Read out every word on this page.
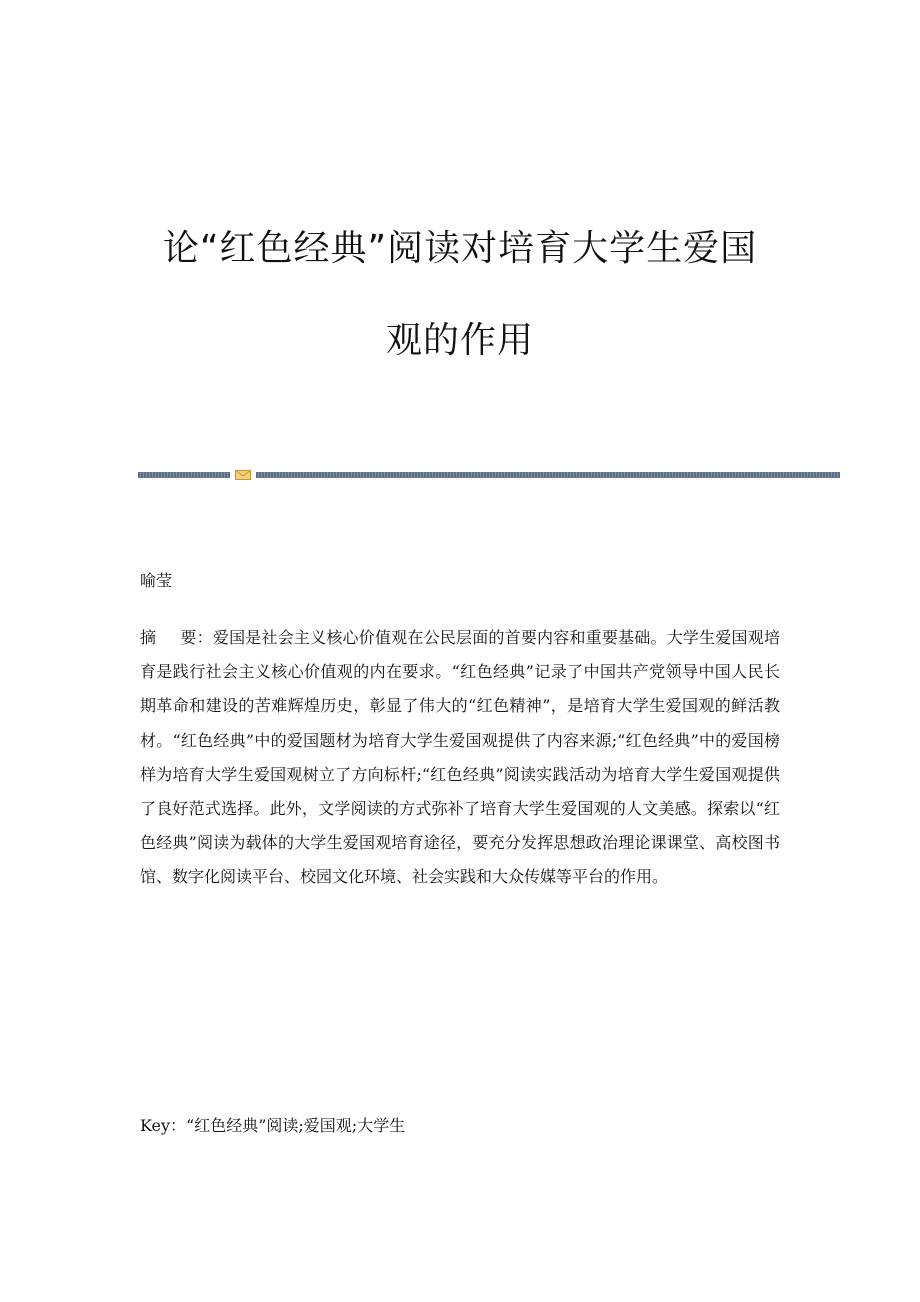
论“红色经典”阅读对培育大学生爱国
观的作用

喻莹

摘 要：爱国是社会主义核心价值观在公民层面的首要内容和重要基础。大学生爱国观培育是践行社会主义核心价值观的内在要求。“红色经典”记录了中国共产党领导中国人民长期革命和建设的苦难辉煌历史，彰显了伟大的“红色精神”，是培育大学生爱国观的鲜活教材。“红色经典”中的爱国题材为培育大学生爱国观提供了内容来源;“红色经典”中的爱国榜样为培育大学生爱国观树立了方向标杆;“红色经典”阅读实践活动为培育大学生爱国观提供了良好范式选择。此外，文学阅读的方式弥补了培育大学生爱国观的人文美感。探索以“红色经典”阅读为载体的大学生爱国观培育途径，要充分发挥思想政治理论课课堂、高校图书馆、数字化阅读平台、校园文化环境、社会实践和大众传媒等平台的作用。

Key：“红色经典”阅读;爱国观;大学生
